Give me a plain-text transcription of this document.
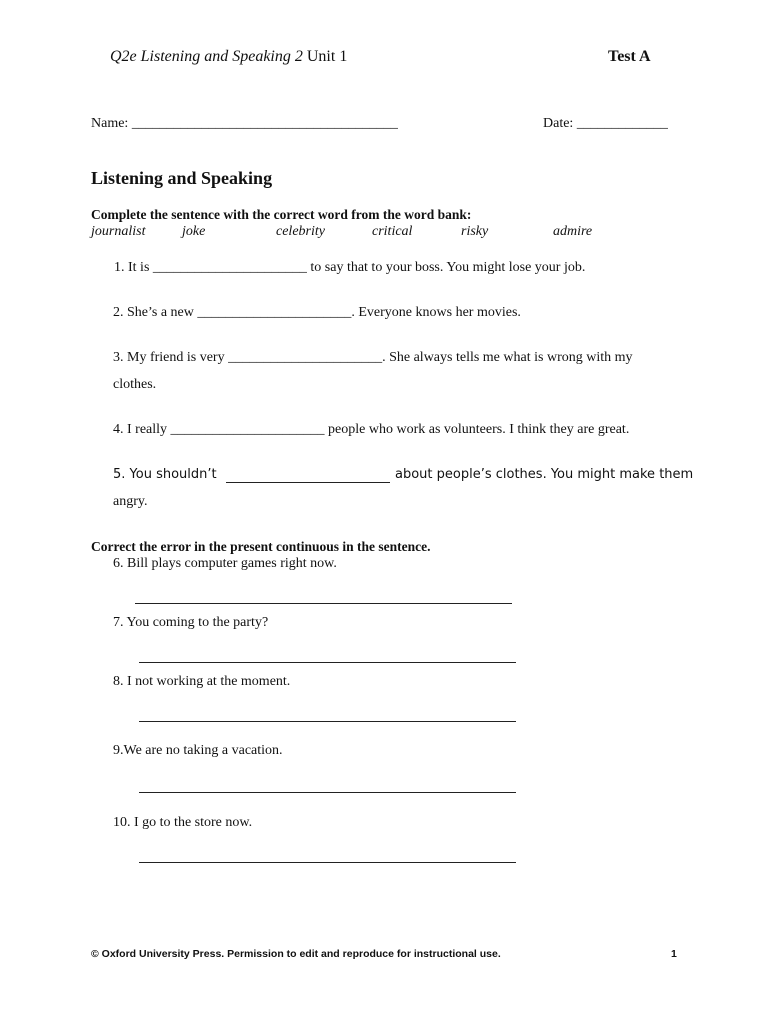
Q2e Listening and Speaking 2 Unit 1	Test A
Name: ______________________________________	Date: _____________
Listening and Speaking
Complete the sentence with the correct word from the word bank:
journalist	joke	celebrity	critical	risky	admire
1. It is ______________________ to say that to your boss. You might lose your job.
2. She’s a new ______________________. Everyone knows her movies.
3. My friend is very ______________________. She always tells me what is wrong with my
clothes.
4. I really ______________________ people who work as volunteers. I think they are great.
5. You shouldn’t	about people’s clothes. You might make them
angry.
Correct the error in the present continuous in the sentence.
6. Bill plays computer games right now.
7. You coming to the party?
8. I not working at the moment.
9.We are no taking a vacation.
10. I go to the store now.
© Oxford University Press. Permission to edit and reproduce for instructional use.	1
